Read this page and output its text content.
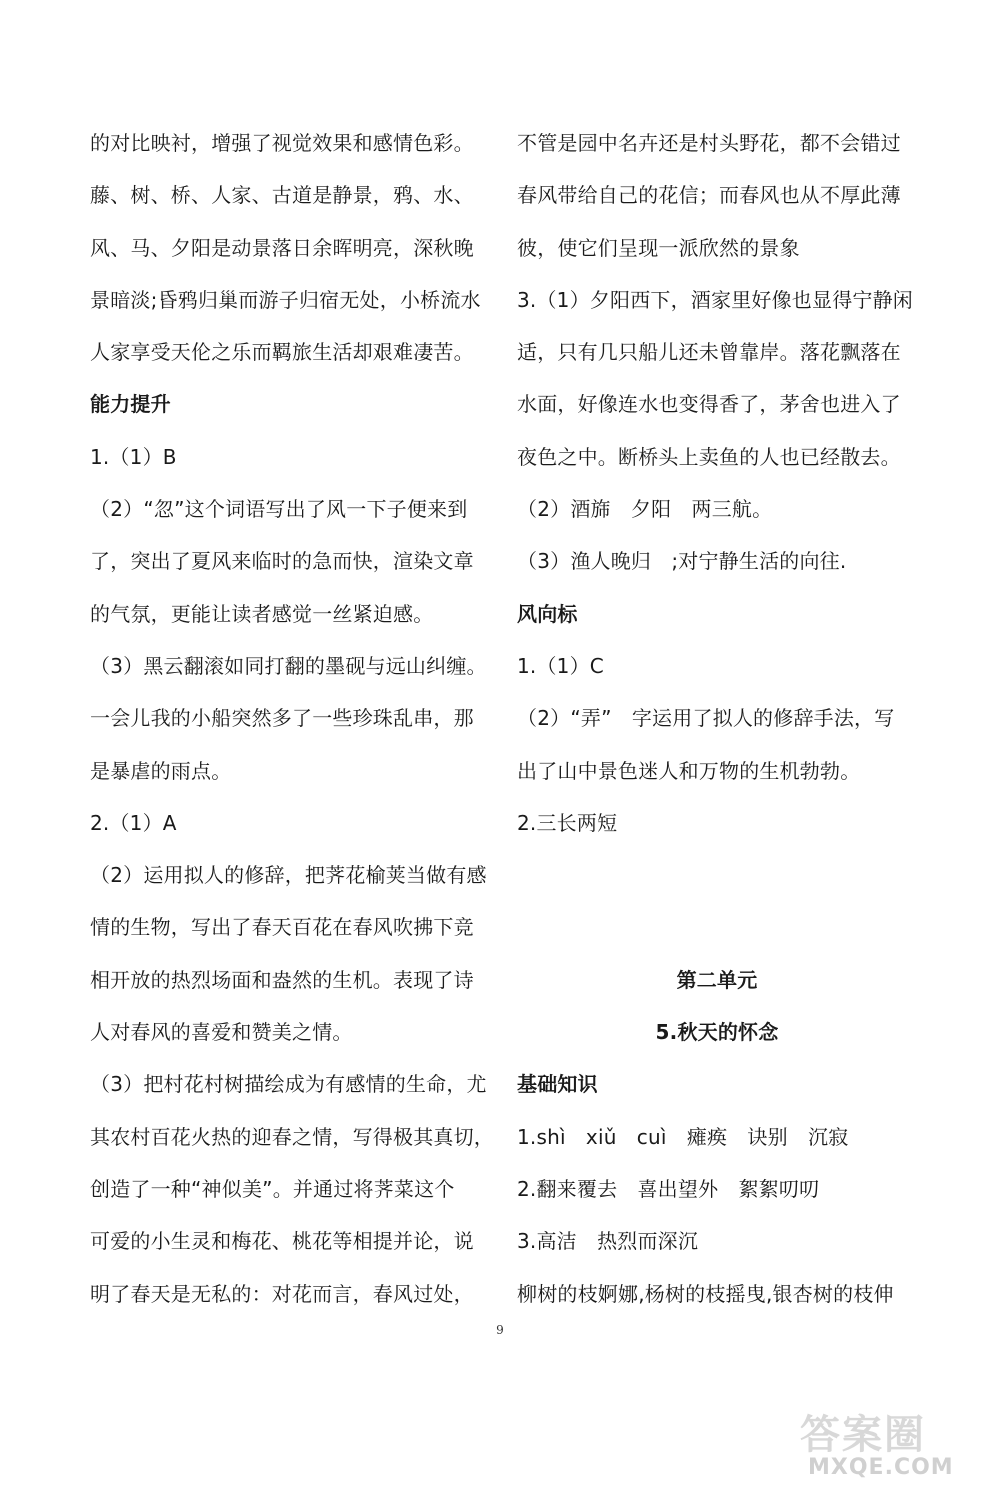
的对比映衬，增强了视觉效果和感情色彩。
藤、树、桥、人家、古道是静景，鸦、水、
风、马、夕阳是动景落日余晖明亮，深秋晚
景暗淡;昏鸦归巢而游子归宿无处，小桥流水
人家享受天伦之乐而羁旅生活却艰难凄苦。
能力提升
1.（1）B
（2）“忽”这个词语写出了风一下子便来到
了，突出了夏风来临时的急而快，渲染文章
的气氛，更能让读者感觉一丝紧迫感。
（3）黑云翻滚如同打翻的墨砚与远山纠缠。
一会儿我的小船突然多了一些珍珠乱串，那
是暴虐的雨点。
2.（1）A
（2）运用拟人的修辞，把荠花榆荚当做有感
情的生物，写出了春天百花在春风吹拂下竞
相开放的热烈场面和盎然的生机。表现了诗
人对春风的喜爱和赞美之情。
（3）把村花村树描绘成为有感情的生命，尤
其农村百花火热的迎春之情，写得极其真切，
创造了一种“神似美”。并通过将荠菜这个
可爱的小生灵和梅花、桃花等相提并论，说
明了春天是无私的：对花而言，春风过处，
不管是园中名卉还是村头野花，都不会错过
春风带给自己的花信；而春风也从不厚此薄
彼，使它们呈现一派欣然的景象
3.（1）夕阳西下，酒家里好像也显得宁静闲
适，只有几只船儿还未曾靠岸。落花飘落在
水面，好像连水也变得香了，茅舍也进入了
夜色之中。断桥头上卖鱼的人也已经散去。
（2）酒旆　夕阳　两三航。
（3）渔人晚归　;对宁静生活的向往.
风向标
1.（1）C
（2）“弄”　字运用了拟人的修辞手法，写
出了山中景色迷人和万物的生机勃勃。
2.三长两短
第二单元
5.秋天的怀念
基础知识
1.shì　xiǔ　cuì　瘫痪　诀别　沉寂
2.翻来覆去　喜出望外　絮絮叨叨
3.高洁　热烈而深沉
柳树的枝婀娜,杨树的枝摇曳,银杏树的枝伸
9
答案圈
MXQE.COM
